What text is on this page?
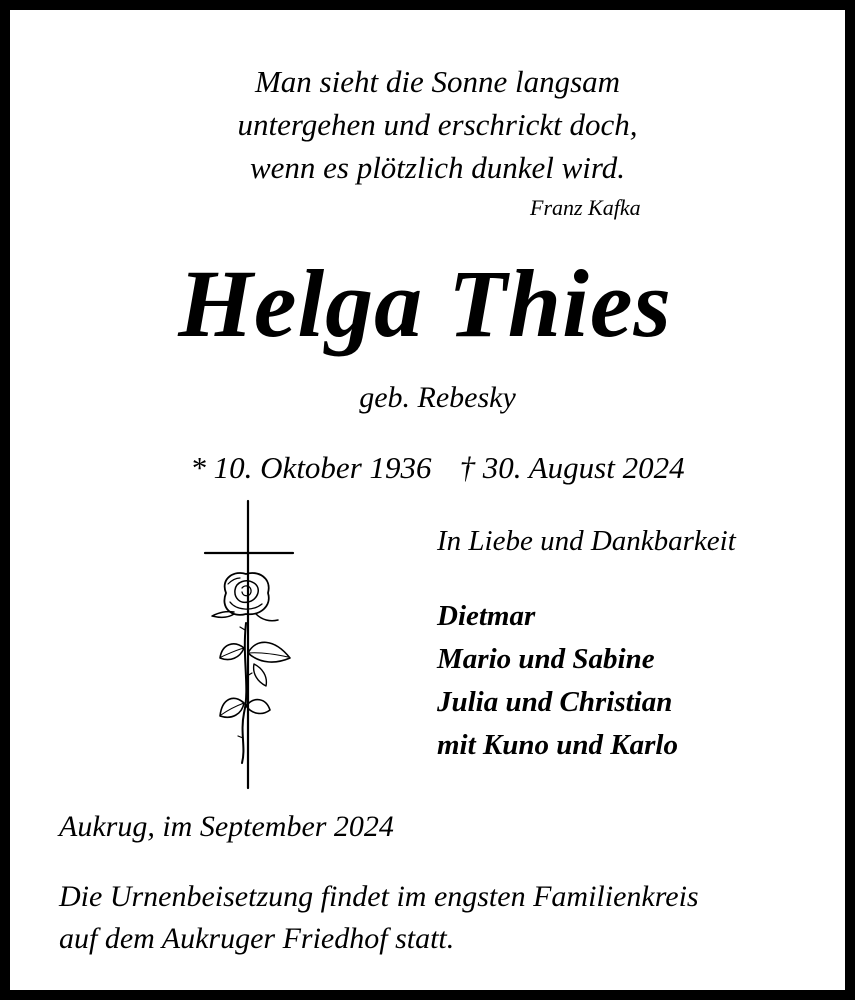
Man sieht die Sonne langsam

untergehen und erschrickt doch,

wenn es plötzlich dunkel wird.

Franz Kafka

Helga Thies

geb. Rebesky

* 10. Oktober 1936 † 30. August 2024

In Liebe und Dankbarkeit

Dietmar

Mario und Sabine

Julia und Christian

mit Kuno und Karlo

Aukrug, im September 2024

Die Urnenbeisetzung findet im engsten Familienkreis

auf dem Aukruger Friedhof statt.
